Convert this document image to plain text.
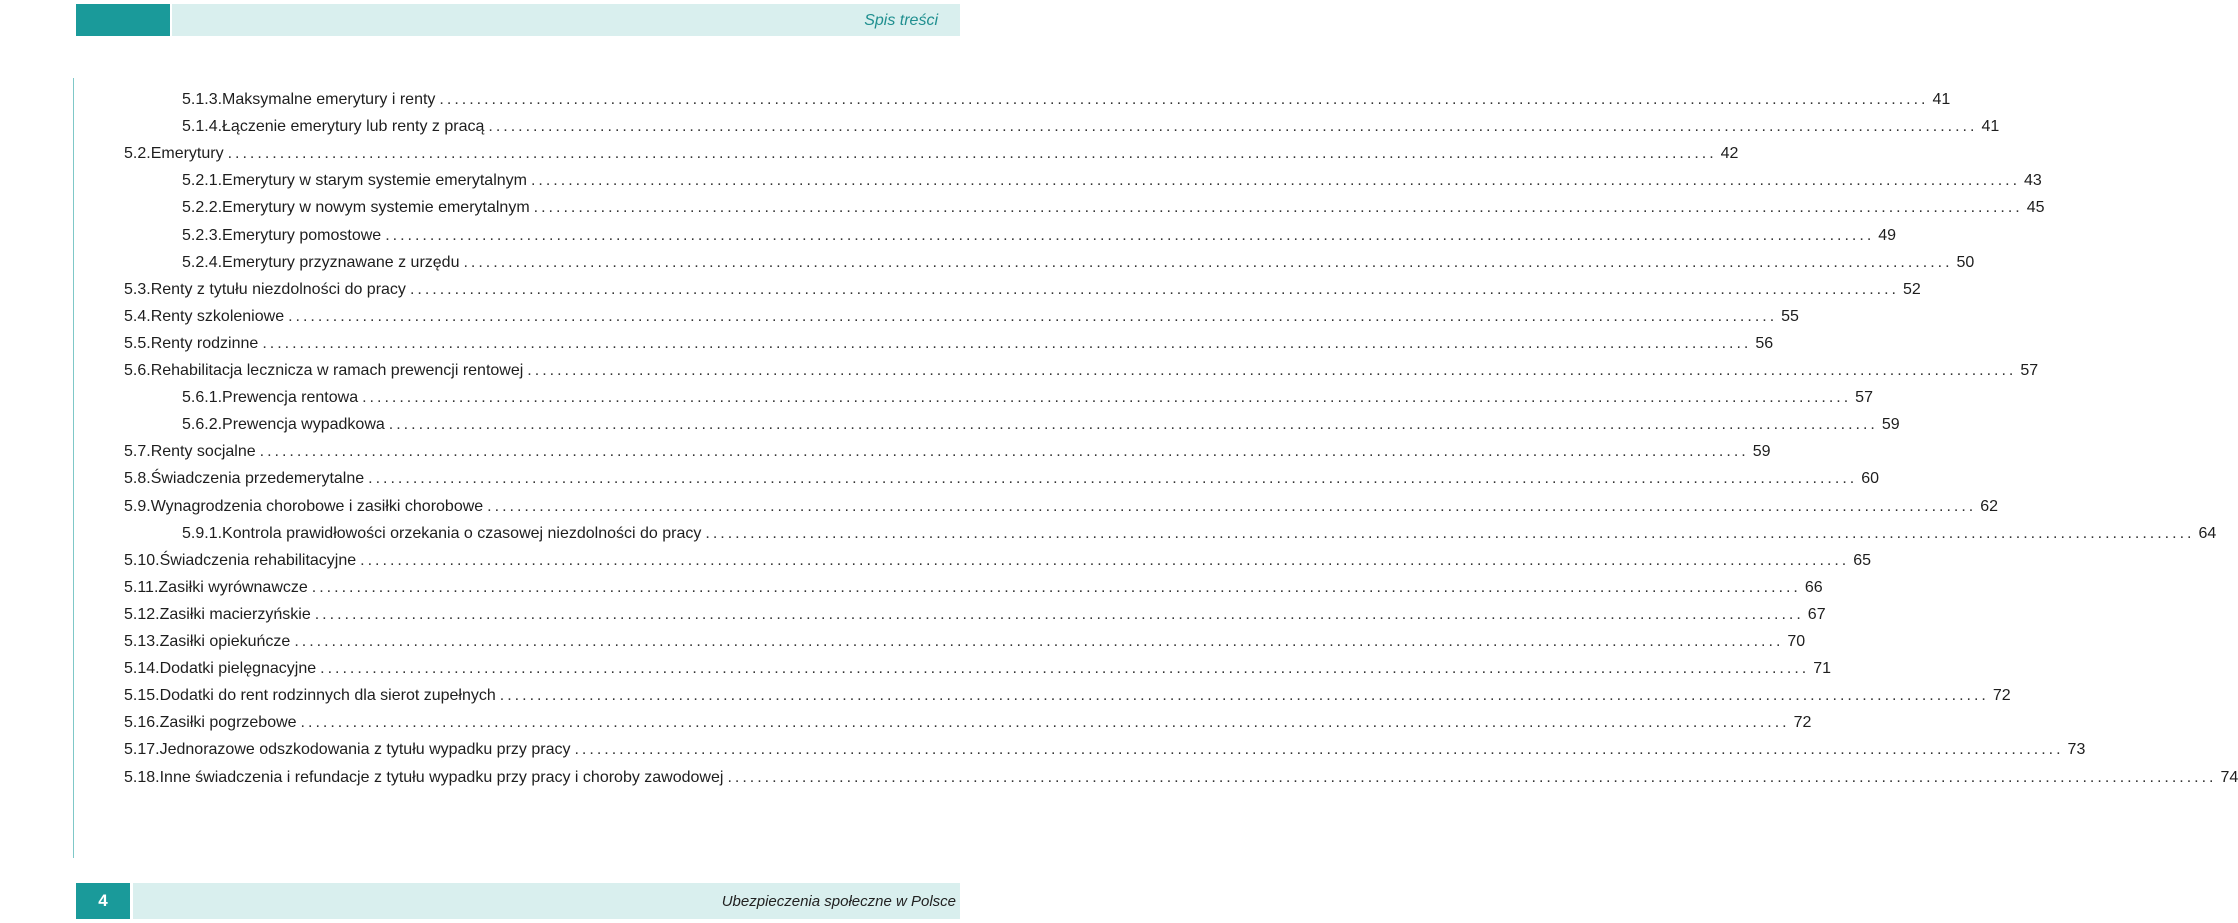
Spis treści
5.1.3. Maksymalne emerytury i renty ........................................................................................................................................................................................................ 41
5.1.4. Łączenie emerytury lub renty z pracą ........................................................................................................................................................................................................ 41
5.2. Emerytury ........................................................................................................................................................................................................ 42
5.2.1. Emerytury w starym systemie emerytalnym ........................................................................................................................................................................................................ 43
5.2.2. Emerytury w nowym systemie emerytalnym ........................................................................................................................................................................................................ 45
5.2.3. Emerytury pomostowe ........................................................................................................................................................................................................ 49
5.2.4. Emerytury przyznawane z urzędu ........................................................................................................................................................................................................ 50
5.3. Renty z tytułu niezdolności do pracy ........................................................................................................................................................................................................ 52
5.4. Renty szkoleniowe ........................................................................................................................................................................................................ 55
5.5. Renty rodzinne ........................................................................................................................................................................................................ 56
5.6. Rehabilitacja lecznicza w ramach prewencji rentowej ........................................................................................................................................................................................................ 57
5.6.1. Prewencja rentowa ........................................................................................................................................................................................................ 57
5.6.2. Prewencja wypadkowa ........................................................................................................................................................................................................ 59
5.7. Renty socjalne ........................................................................................................................................................................................................ 59
5.8. Świadczenia przedemerytalne ........................................................................................................................................................................................................ 60
5.9. Wynagrodzenia chorobowe i zasiłki chorobowe ........................................................................................................................................................................................................ 62
5.9.1. Kontrola prawidłowości orzekania o czasowej niezdolności do pracy ........................................................................................................................................................................................................ 64
5.10. Świadczenia rehabilitacyjne ........................................................................................................................................................................................................ 65
5.11. Zasiłki wyrównawcze ........................................................................................................................................................................................................ 66
5.12. Zasiłki macierzyńskie ........................................................................................................................................................................................................ 67
5.13. Zasiłki opiekuńcze ........................................................................................................................................................................................................ 70
5.14. Dodatki pielęgnacyjne ........................................................................................................................................................................................................ 71
5.15. Dodatki do rent rodzinnych dla sierot zupełnych ........................................................................................................................................................................................................ 72
5.16. Zasiłki pogrzebowe ........................................................................................................................................................................................................ 72
5.17. Jednorazowe odszkodowania z tytułu wypadku przy pracy ........................................................................................................................................................................................................ 73
5.18. Inne świadczenia i refundacje z tytułu wypadku przy pracy i choroby zawodowej ........................................................................................................................................................................................................ 74
4	Ubezpieczenia społeczne w Polsce
